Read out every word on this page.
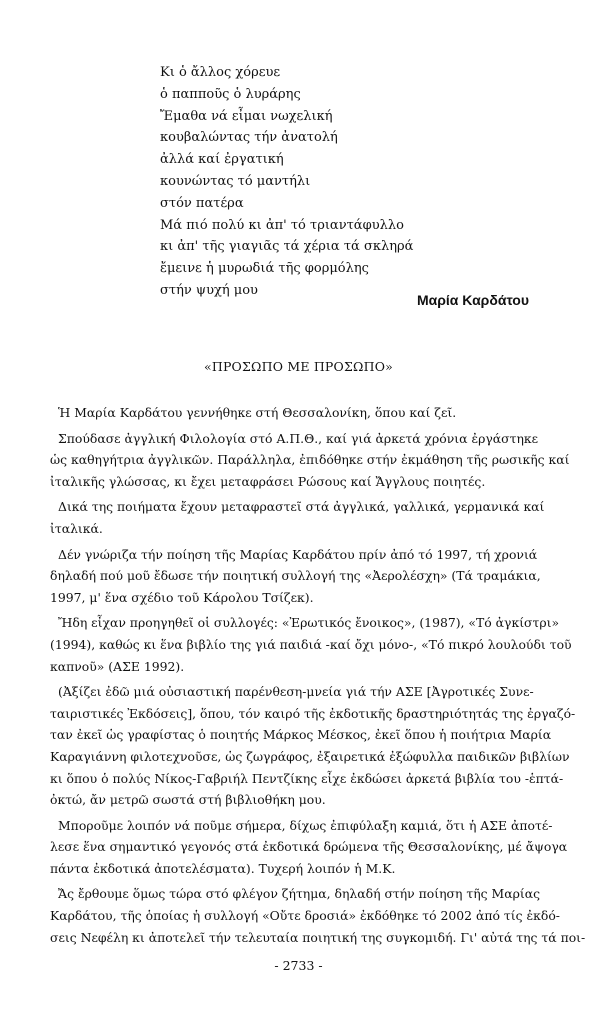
Κι ὁ ἄλλος χόρευε
ὁ παπποῦς ὁ λυράρης
Ἔμαθα νά εἶμαι νωχελική
κουβαλώντας τήν ἀνατολή
ἀλλά καί ἐργατική
κουνώντας τό μαντήλι
στόν πατέρα
Μά πιό πολύ κι ἀπ' τό τριαντάφυλλο
κι ἀπ' τῆς γιαγιᾶς τά χέρια τά σκληρά
ἔμεινε ἡ μυρωδιά τῆς φορμόλης
στήν ψυχή μου
Μαρία Καρδάτου
«ΠΡΟΣΩΠΟ ΜΕ ΠΡΟΣΩΠΟ»
Ἡ Μαρία Καρδάτου γεννήθηκε στή Θεσσαλονίκη, ὅπου καί ζεῖ.
Σπούδασε ἀγγλική Φιλολογία στό Α.Π.Θ., καί γιά ἀρκετά χρόνια ἐργάστηκε
ὡς καθηγήτρια ἀγγλικῶν. Παράλληλα, ἐπιδόθηκε στήν ἐκμάθηση τῆς ρωσικῆς καί
ἰταλικῆς γλώσσας, κι ἔχει μεταφράσει Ρώσους καί Ἄγγλους ποιητές.
Δικά της ποιήματα ἔχουν μεταφραστεῖ στά ἀγγλικά, γαλλικά, γερμανικά καί
ἰταλικά.
Δέν γνώριζα τήν ποίηση τῆς Μαρίας Καρδάτου πρίν ἀπό τό 1997, τή χρονιά
δηλαδή πού μοῦ ἔδωσε τήν ποιητική συλλογή της «Ἀερολέσχη» (Τά τραμάκια,
1997, μ' ἕνα σχέδιο τοῦ Κάρολου Τσίζεκ).
Ἤδη εἶχαν προηγηθεῖ οἱ συλλογές: «Ἐρωτικός ἔνοικος», (1987), «Τό ἀγκίστρι»
(1994), καθώς κι ἕνα βιβλίο της γιά παιδιά -καί ὄχι μόνο-, «Τό πικρό λουλούδι τοῦ
καπνοῦ» (ΑΣΕ 1992).
(Ἀξίζει ἐδῶ μιά οὐσιαστική παρένθεση-μνεία γιά τήν ΑΣΕ [Ἀγροτικές Συνε-
ταιριστικές Ἐκδόσεις], ὅπου, τόν καιρό τῆς ἐκδοτικῆς δραστηριότητάς της ἐργαζό-
ταν ἐκεῖ ὡς γραφίστας ὁ ποιητής Μάρκος Μέσκος, ἐκεῖ ὅπου ἡ ποιήτρια Μαρία
Καραγιάννη φιλοτεχνοῦσε, ὡς ζωγράφος, ἐξαιρετικά ἐξώφυλλα παιδικῶν βιβλίων
κι ὅπου ὁ πολύς Νίκος-Γαβριήλ Πεντζίκης εἶχε ἐκδώσει ἀρκετά βιβλία του -ἑπτά-
ὀκτώ, ἄν μετρῶ σωστά στή βιβλιοθήκη μου.
Μποροῦμε λοιπόν νά ποῦμε σήμερα, δίχως ἐπιφύλαξη καμιά, ὅτι ἡ ΑΣΕ ἀποτέ-
λεσε ἕνα σημαντικό γεγονός στά ἐκδοτικά δρώμενα τῆς Θεσσαλονίκης, μέ ἄψογα
πάντα ἐκδοτικά ἀποτελέσματα). Τυχερή λοιπόν ἡ Μ.Κ.
Ἄς ἔρθουμε ὅμως τώρα στό φλέγον ζήτημα, δηλαδή στήν ποίηση τῆς Μαρίας
Καρδάτου, τῆς ὁποίας ἡ συλλογή «Οὔτε δροσιά» ἐκδόθηκε τό 2002 ἀπό τίς ἐκδό-
σεις Νεφέλη κι ἀποτελεῖ τήν τελευταία ποιητική της συγκομιδή. Γι' αὐτά της τά ποι-
- 2733 -
